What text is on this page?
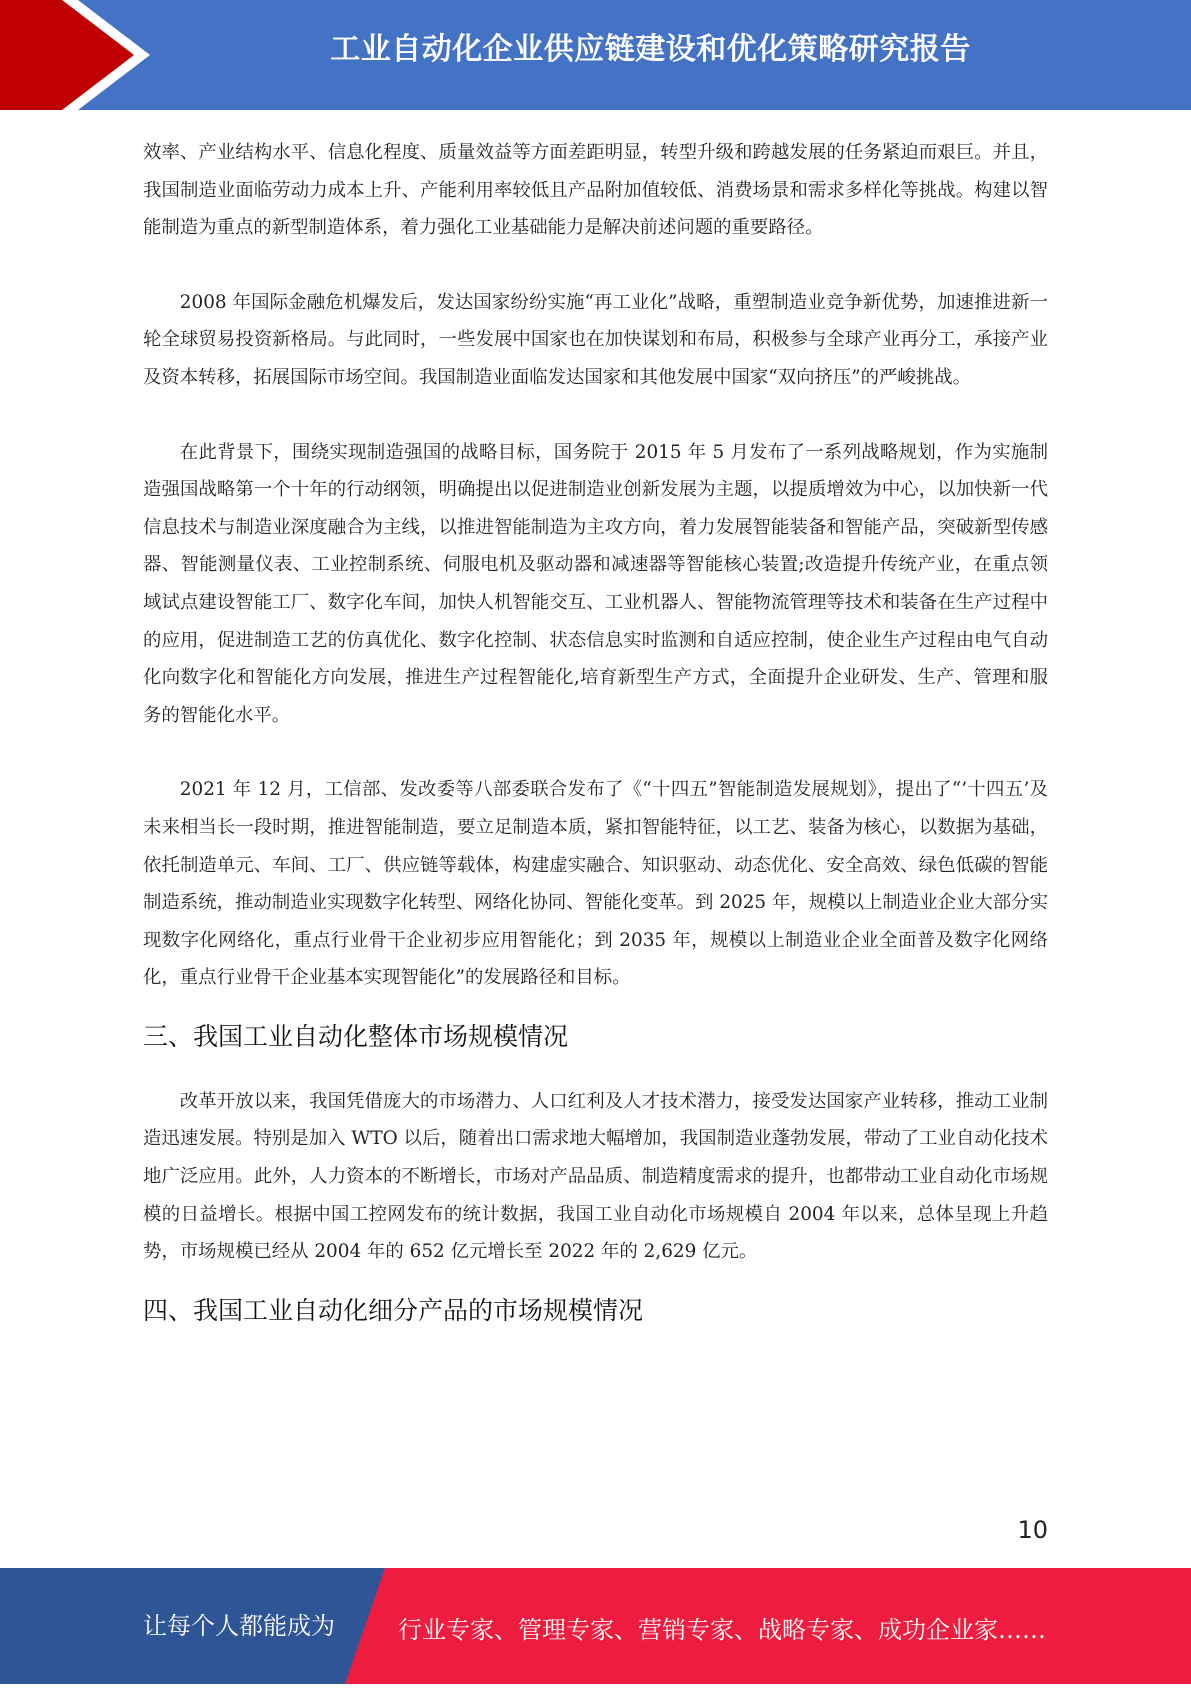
工业自动化企业供应链建设和优化策略研究报告

效率、产业结构水平、信息化程度、质量效益等方面差距明显，转型升级和跨越发展的任务紧迫而艰巨。并且，我国制造业面临劳动力成本上升、产能利用率较低且产品附加值较低、消费场景和需求多样化等挑战。构建以智能制造为重点的新型制造体系，着力强化工业基础能力是解决前述问题的重要路径。

2008 年国际金融危机爆发后，发达国家纷纷实施“再工业化”战略，重塑制造业竞争新优势，加速推进新一轮全球贸易投资新格局。与此同时，一些发展中国家也在加快谋划和布局，积极参与全球产业再分工，承接产业及资本转移，拓展国际市场空间。我国制造业面临发达国家和其他发展中国家“双向挤压”的严峻挑战。

在此背景下，围绕实现制造强国的战略目标，国务院于 2015 年 5 月发布了一系列战略规划，作为实施制造强国战略第一个十年的行动纲领，明确提出以促进制造业创新发展为主题，以提质增效为中心，以加快新一代信息技术与制造业深度融合为主线，以推进智能制造为主攻方向，着力发展智能装备和智能产品，突破新型传感器、智能测量仪表、工业控制系统、伺服电机及驱动器和减速器等智能核心装置;改造提升传统产业，在重点领域试点建设智能工厂、数字化车间，加快人机智能交互、工业机器人、智能物流管理等技术和装备在生产过程中的应用，促进制造工艺的仿真优化、数字化控制、状态信息实时监测和自适应控制，使企业生产过程由电气自动化向数字化和智能化方向发展，推进生产过程智能化,培育新型生产方式，全面提升企业研发、生产、管理和服务的智能化水平。

2021 年 12 月，工信部、发改委等八部委联合发布了《“十四五”智能制造发展规划》，提出了“’十四五’及未来相当长一段时期，推进智能制造，要立足制造本质，紧扣智能特征，以工艺、装备为核心，以数据为基础，依托制造单元、车间、工厂、供应链等载体，构建虚实融合、知识驱动、动态优化、安全高效、绿色低碳的智能制造系统，推动制造业实现数字化转型、网络化协同、智能化变革。到 2025 年，规模以上制造业企业大部分实现数字化网络化，重点行业骨干企业初步应用智能化；到 2035 年，规模以上制造业企业全面普及数字化网络化，重点行业骨干企业基本实现智能化”的发展路径和目标。

三、我国工业自动化整体市场规模情况

改革开放以来，我国凭借庞大的市场潜力、人口红利及人才技术潜力，接受发达国家产业转移，推动工业制造迅速发展。特别是加入 WTO 以后，随着出口需求地大幅增加，我国制造业蓬勃发展，带动了工业自动化技术地广泛应用。此外，人力资本的不断增长，市场对产品品质、制造精度需求的提升，也都带动工业自动化市场规模的日益增长。根据中国工控网发布的统计数据，我国工业自动化市场规模自 2004 年以来，总体呈现上升趋势，市场规模已经从 2004 年的 652 亿元增长至 2022 年的 2,629 亿元。

四、我国工业自动化细分产品的市场规模情况
10
让每个人都能成为	行业专家、管理专家、营销专家、战略专家、成功企业家……
